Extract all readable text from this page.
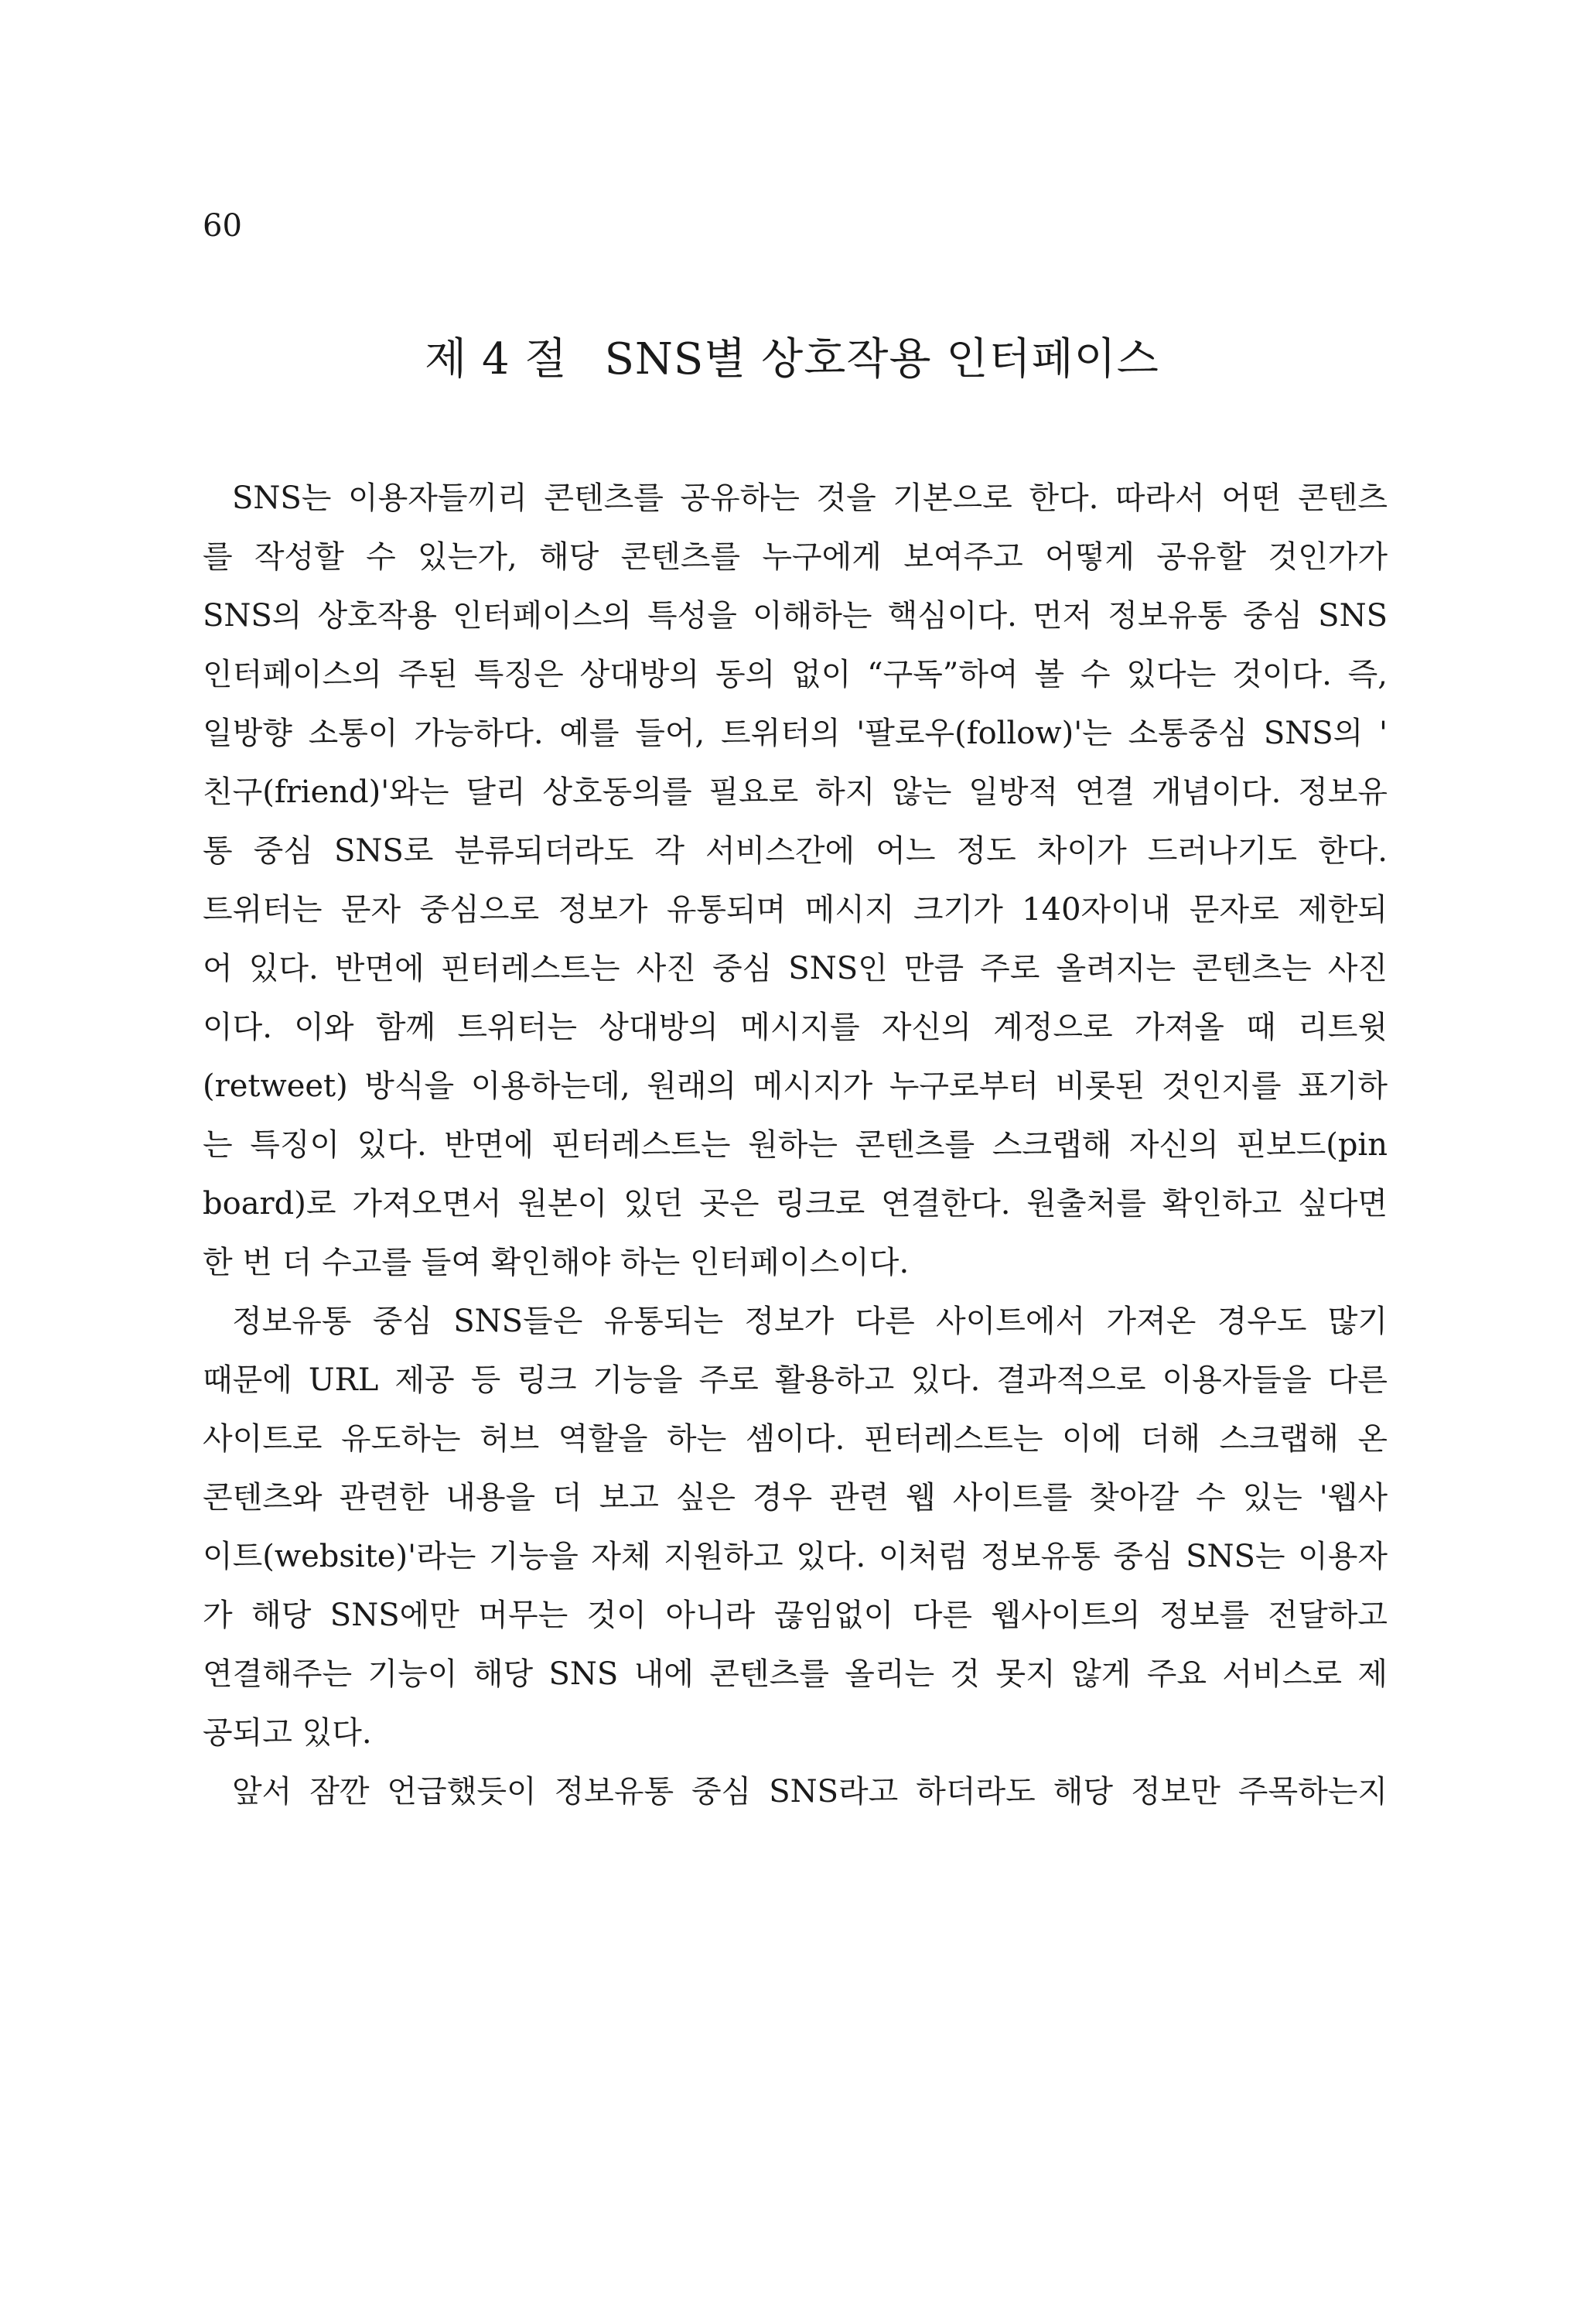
60
제 4 절 SNS별 상호작용 인터페이스
SNS는 이용자들끼리 콘텐츠를 공유하는 것을 기본으로 한다. 따라서 어떤 콘텐츠
를 작성할 수 있는가, 해당 콘텐츠를 누구에게 보여주고 어떻게 공유할 것인가가
SNS의 상호작용 인터페이스의 특성을 이해하는 핵심이다. 먼저 정보유통 중심 SNS
인터페이스의 주된 특징은 상대방의 동의 없이 “구독”하여 볼 수 있다는 것이다. 즉,
일방향 소통이 가능하다. 예를 들어, 트위터의 '팔로우(follow)'는 소통중심 SNS의 '
친구(friend)'와는 달리 상호동의를 필요로 하지 않는 일방적 연결 개념이다. 정보유
통 중심 SNS로 분류되더라도 각 서비스간에 어느 정도 차이가 드러나기도 한다.
트위터는 문자 중심으로 정보가 유통되며 메시지 크기가 140자이내 문자로 제한되
어 있다. 반면에 핀터레스트는 사진 중심 SNS인 만큼 주로 올려지는 콘텐츠는 사진
이다. 이와 함께 트위터는 상대방의 메시지를 자신의 계정으로 가져올 때 리트윗
(retweet) 방식을 이용하는데, 원래의 메시지가 누구로부터 비롯된 것인지를 표기하
는 특징이 있다. 반면에 핀터레스트는 원하는 콘텐츠를 스크랩해 자신의 핀보드(pin
board)로 가져오면서 원본이 있던 곳은 링크로 연결한다. 원출처를 확인하고 싶다면
한 번 더 수고를 들여 확인해야 하는 인터페이스이다.
정보유통 중심 SNS들은 유통되는 정보가 다른 사이트에서 가져온 경우도 많기
때문에 URL 제공 등 링크 기능을 주로 활용하고 있다. 결과적으로 이용자들을 다른
사이트로 유도하는 허브 역할을 하는 셈이다. 핀터레스트는 이에 더해 스크랩해 온
콘텐츠와 관련한 내용을 더 보고 싶은 경우 관련 웹 사이트를 찾아갈 수 있는 '웹사
이트(website)'라는 기능을 자체 지원하고 있다. 이처럼 정보유통 중심 SNS는 이용자
가 해당 SNS에만 머무는 것이 아니라 끊임없이 다른 웹사이트의 정보를 전달하고
연결해주는 기능이 해당 SNS 내에 콘텐츠를 올리는 것 못지 않게 주요 서비스로 제
공되고 있다.
앞서 잠깐 언급했듯이 정보유통 중심 SNS라고 하더라도 해당 정보만 주목하는지
